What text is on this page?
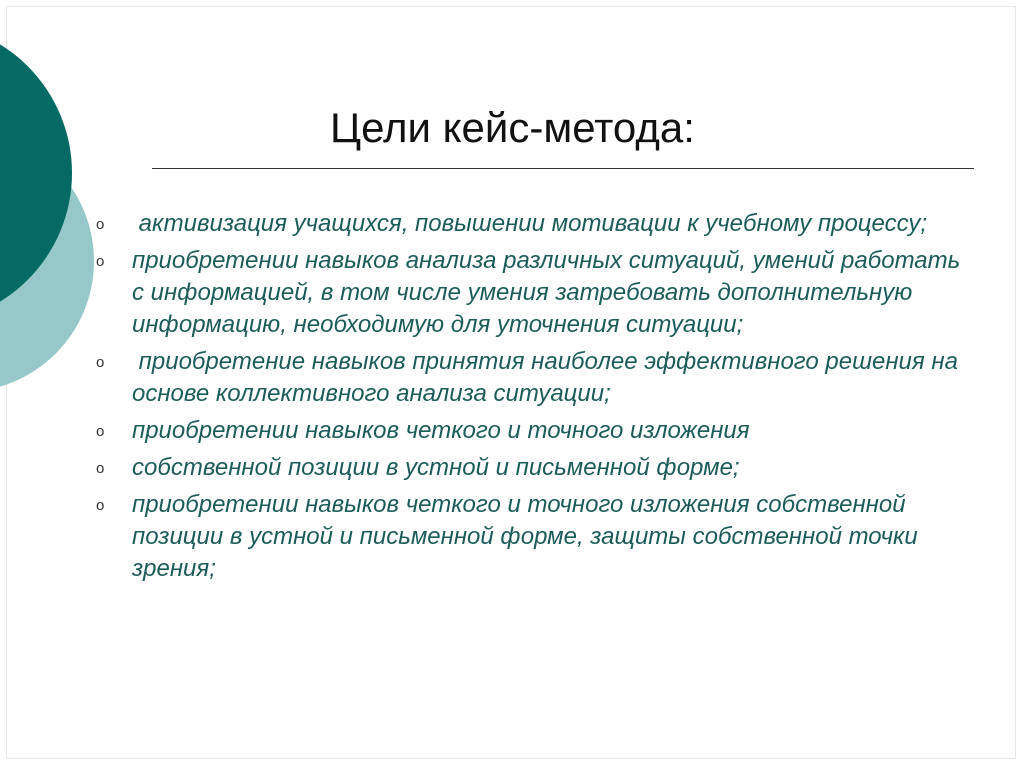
Цели кейс-метода:
o активизация учащихся, повышении мотивации к учебному процессу;
o приобретении навыков анализа различных ситуаций, умений работать с информацией, в том числе умения затребовать дополнительную информацию, необходимую для уточнения ситуации;
o приобретение навыков принятия наиболее эффективного решения на основе коллективного анализа ситуации;
o приобретении навыков четкого и точного изложения
o собственной позиции в устной и письменной форме;
o приобретении навыков четкого и точного изложения собственной позиции в устной и письменной форме, защиты собственной точки зрения;
